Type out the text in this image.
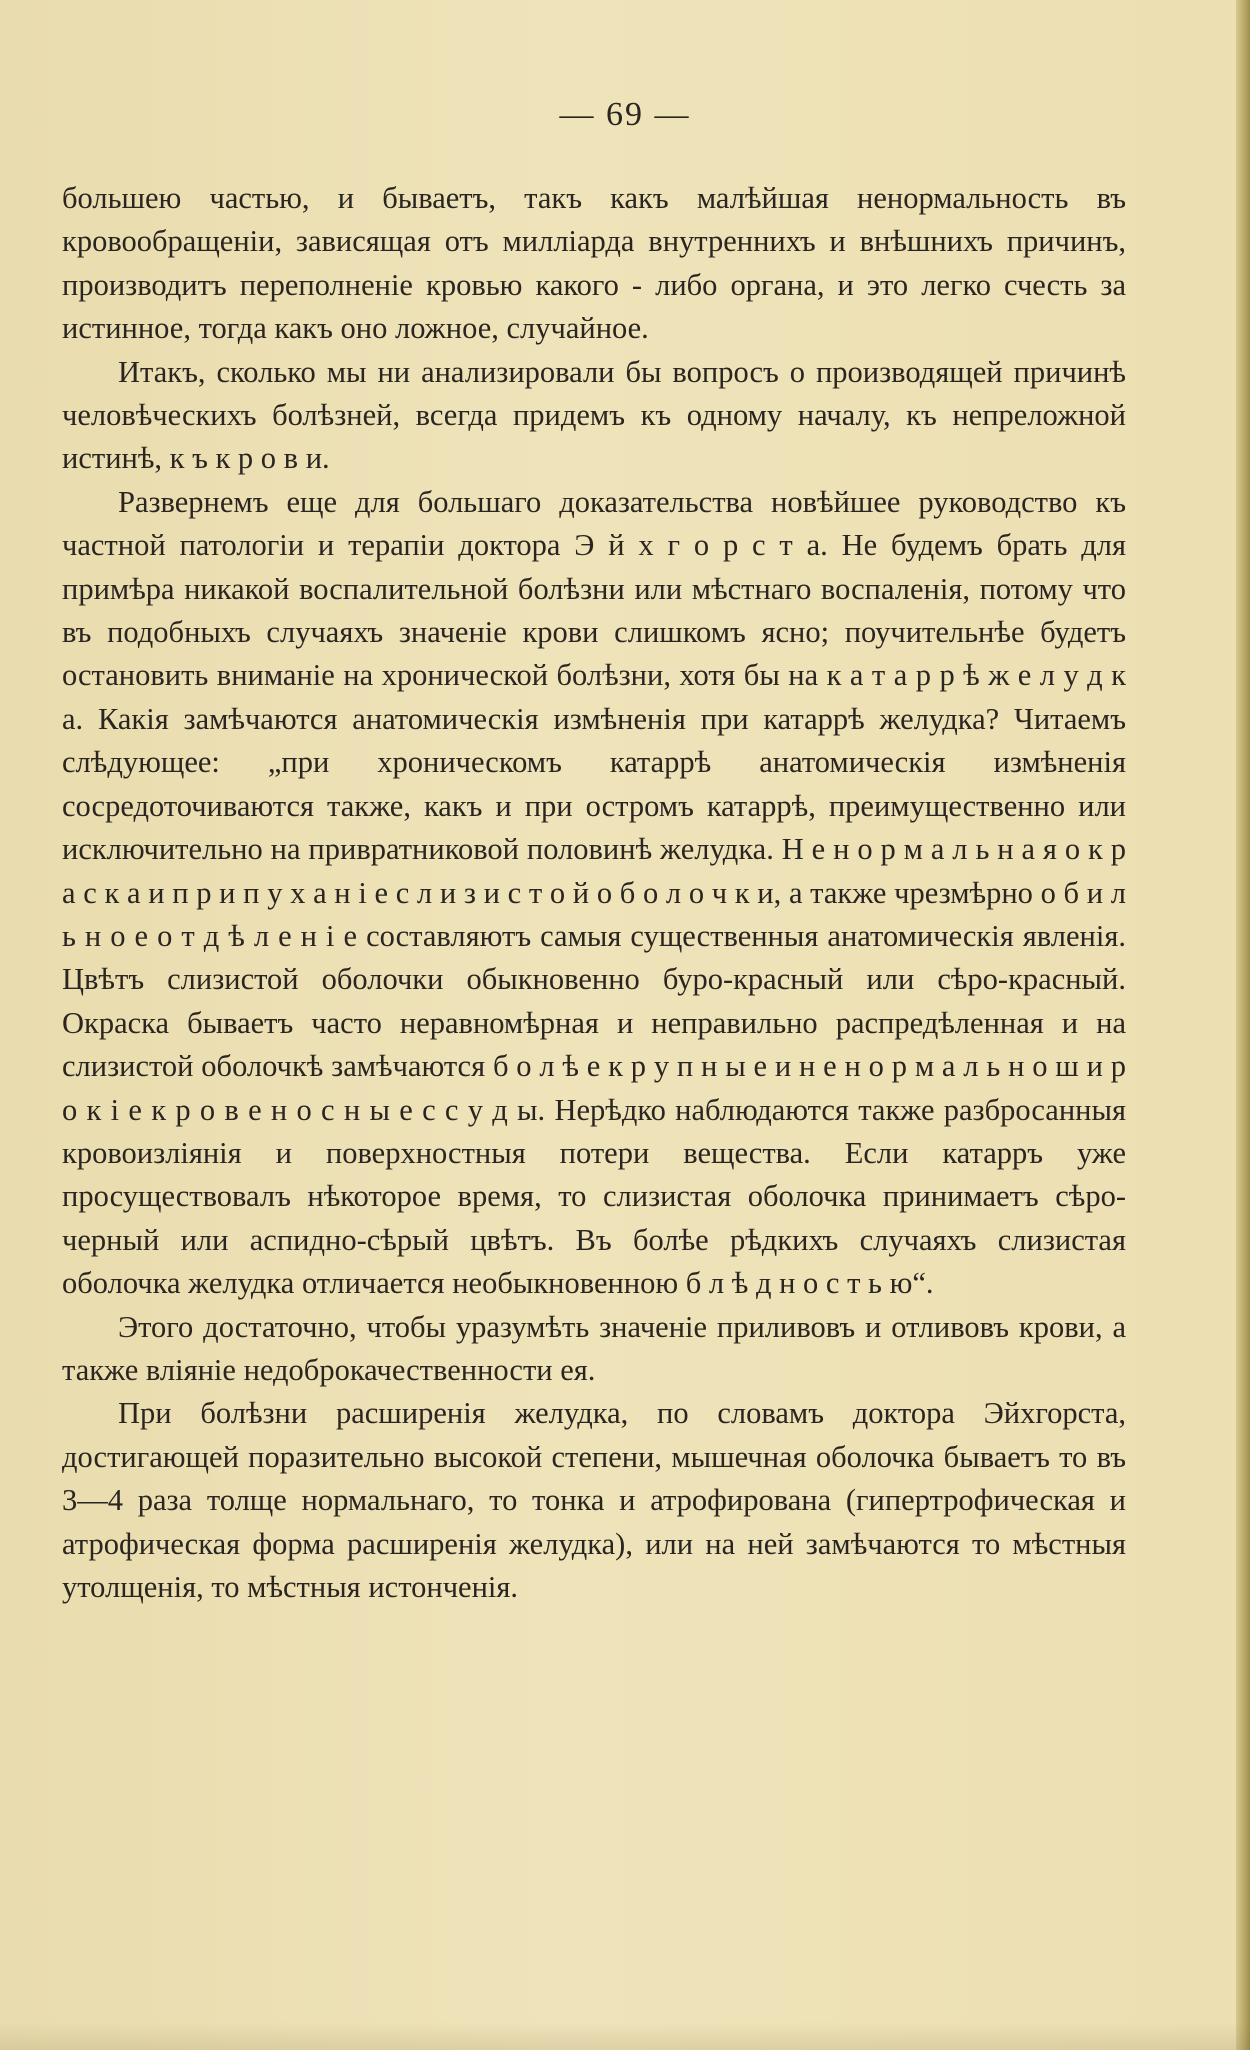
— 69 —

большею частью, и бываетъ, такъ какъ малѣйшая ненормальность въ кровообращенiи, зависящая отъ миллiарда внутреннихъ и внѣшнихъ причинъ, производитъ переполненiе кровью какого - либо органа, и это легко счесть за истинное, тогда какъ оно ложное, случайное.

Итакъ, сколько мы ни анализировали бы вопросъ о производящей причинѣ человѣческихъ болѣзней, всегда придемъ къ одному началу, къ непреложной истинѣ, к ъ к р о в и.

Развернемъ еще для большаго доказательства новѣйшее руководство къ частной патологiи и терапiи доктора Э й х г о р с т а. Не будемъ брать для примѣра никакой воспалительной болѣзни или мѣстнаго воспаленiя, потому что въ подобныхъ случаяхъ значенiе крови слишкомъ ясно; поучительнѣе будетъ остановить вниманiе на хронической болѣзни, хотя бы на к а т а р р ѣ ж е л у д к а. Какiя замѣчаются анатомическiя измѣненiя при катаррѣ желудка? Читаемъ слѣдующее: „при хроническомъ катаррѣ анатомическiя измѣненiя сосредоточиваются также, какъ и при остромъ катаррѣ, преимущественно или исключительно на привратниковой половинѣ желудка. Н е н о р м а л ь н а я о к р а с к а и п р и п у х а н i е с л и з и с т о й о б о л о ч к и, а также чрезмѣрно о б и л ь н о е о т д ѣ л е н i е составляютъ самыя существенныя анатомическiя явленiя. Цвѣтъ слизистой оболочки обыкновенно буро-красный или сѣро-красный. Окраска бываетъ часто неравномѣрная и неправильно распредѣленная и на слизистой оболочкѣ замѣчаются б о л ѣ е к р у п н ы е и н е н о р м а л ь н о ш и р о к i е к р о в е н о с н ы е с с у д ы. Нерѣдко наблюдаются также разбросанныя кровоизлiянiя и поверхностныя потери вещества. Если катарръ уже просуществовалъ нѣкоторое время, то слизистая оболочка принимаетъ сѣро-черный или аспидно-сѣрый цвѣтъ. Въ болѣе рѣдкихъ случаяхъ слизистая оболочка желудка отличается необыкновенною б л ѣ д н о с т ь ю“.

Этого достаточно, чтобы уразумѣть значенiе приливовъ и отливовъ крови, а также влiянiе недоброкачественности ея.

При болѣзни расширенiя желудка, по словамъ доктора Эйхгорста, достигающей поразительно высокой степени, мышечная оболочка бываетъ то въ 3—4 раза толще нормальнаго, то тонка и атрофирована (гипертрофическая и атрофическая форма расширенiя желудка), или на ней замѣчаются то мѣстныя утолщенiя, то мѣстныя истонченiя.
